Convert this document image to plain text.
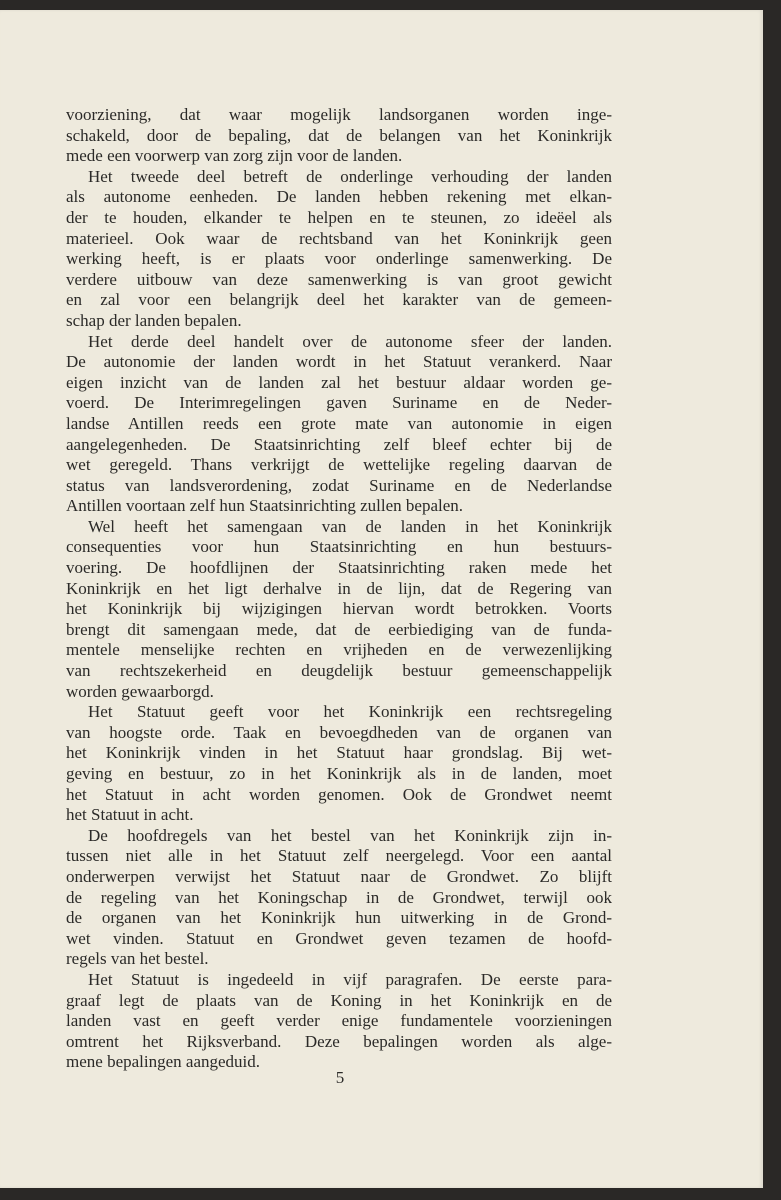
voorziening, dat waar mogelijk landsorganen worden inge-
schakeld, door de bepaling, dat de belangen van het Koninkrijk
mede een voorwerp van zorg zijn voor de landen.
Het tweede deel betreft de onderlinge verhouding der landen
als autonome eenheden. De landen hebben rekening met elkan-
der te houden, elkander te helpen en te steunen, zo ideëel als
materieel. Ook waar de rechtsband van het Koninkrijk geen
werking heeft, is er plaats voor onderlinge samenwerking. De
verdere uitbouw van deze samenwerking is van groot gewicht
en zal voor een belangrijk deel het karakter van de gemeen-
schap der landen bepalen.
Het derde deel handelt over de autonome sfeer der landen.
De autonomie der landen wordt in het Statuut verankerd. Naar
eigen inzicht van de landen zal het bestuur aldaar worden ge-
voerd. De Interimregelingen gaven Suriname en de Neder-
landse Antillen reeds een grote mate van autonomie in eigen
aangelegenheden. De Staatsinrichting zelf bleef echter bij de
wet geregeld. Thans verkrijgt de wettelijke regeling daarvan de
status van landsverordening, zodat Suriname en de Nederlandse
Antillen voortaan zelf hun Staatsinrichting zullen bepalen.
Wel heeft het samengaan van de landen in het Koninkrijk
consequenties voor hun Staatsinrichting en hun bestuurs-
voering. De hoofdlijnen der Staatsinrichting raken mede het
Koninkrijk en het ligt derhalve in de lijn, dat de Regering van
het Koninkrijk bij wijzigingen hiervan wordt betrokken. Voorts
brengt dit samengaan mede, dat de eerbiediging van de funda-
mentele menselijke rechten en vrijheden en de verwezenlijking
van rechtszekerheid en deugdelijk bestuur gemeenschappelijk
worden gewaarborgd.
Het Statuut geeft voor het Koninkrijk een rechtsregeling
van hoogste orde. Taak en bevoegdheden van de organen van
het Koninkrijk vinden in het Statuut haar grondslag. Bij wet-
geving en bestuur, zo in het Koninkrijk als in de landen, moet
het Statuut in acht worden genomen. Ook de Grondwet neemt
het Statuut in acht.
De hoofdregels van het bestel van het Koninkrijk zijn in-
tussen niet alle in het Statuut zelf neergelegd. Voor een aantal
onderwerpen verwijst het Statuut naar de Grondwet. Zo blijft
de regeling van het Koningschap in de Grondwet, terwijl ook
de organen van het Koninkrijk hun uitwerking in de Grond-
wet vinden. Statuut en Grondwet geven tezamen de hoofd-
regels van het bestel.
Het Statuut is ingedeeld in vijf paragrafen. De eerste para-
graaf legt de plaats van de Koning in het Koninkrijk en de
landen vast en geeft verder enige fundamentele voorzieningen
omtrent het Rijksverband. Deze bepalingen worden als alge-
mene bepalingen aangeduid.
5
